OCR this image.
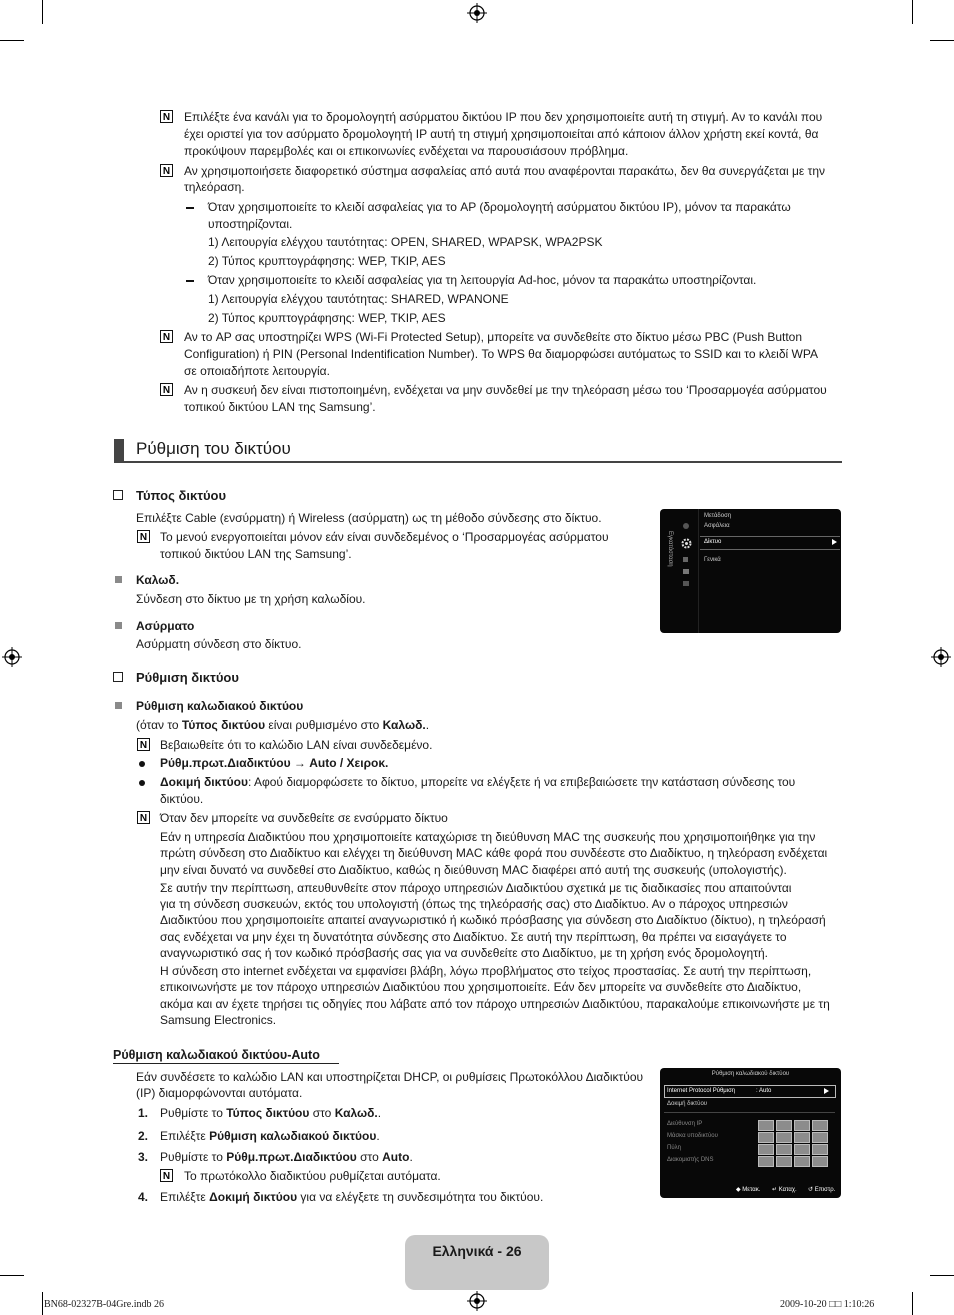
N Επιλέξτε ένα κανάλι για το δρομολογητή ασύρματου δικτύου IP που δεν χρησιμοποιείτε αυτή τη στιγμή. Αν το κανάλι που
έχει οριστεί για τον ασύρματο δρομολογητή IP αυτή τη στιγμή χρησιμοποιείται από κάποιον άλλον χρήστη εκεί κοντά, θα
προκύψουν παρεμβολές και οι επικοινωνίες ενδέχεται να παρουσιάσουν πρόβλημα.
N Αν χρησιμοποιήσετε διαφορετικό σύστημα ασφαλείας από αυτά που αναφέρονται παρακάτω, δεν θα συνεργάζεται με την
τηλεόραση.
Όταν χρησιμοποιείτε το κλειδί ασφαλείας για το AP (δρομολογητή ασύρματου δικτύου IP), μόνον τα παρακάτω
υποστηρίζονται.
1) Λειτουργία ελέγχου ταυτότητας: OPEN, SHARED, WPAPSK, WPA2PSK
2) Τύπος κρυπτογράφησης: WEP, TKIP, AES
Όταν χρησιμοποιείτε το κλειδί ασφαλείας για τη λειτουργία Ad-hoc, μόνον τα παρακάτω υποστηρίζονται.
1) Λειτουργία ελέγχου ταυτότητας: SHARED, WPANONE
2) Τύπος κρυπτογράφησης: WEP, TKIP, AES
N Αν το AP σας υποστηρίζει WPS (Wi-Fi Protected Setup), μπορείτε να συνδεθείτε στο δίκτυο μέσω PBC (Push Button
Configuration) ή PIN (Personal Indentification Number). Το WPS θα διαμορφώσει αυτόματως το SSID και το κλειδί WPA
σε οποιαδήποτε λειτουργία.
N Αν η συσκευή δεν είναι πιστοποιημένη, ενδέχεται να μην συνδεθεί με την τηλεόραση μέσω του ‘Προσαρμογέα ασύρματου
τοπικού δικτύου LAN της Samsung’.
Ρύθμιση του δικτύου
Τύπος δικτύου
Επιλέξτε Cable (ενσύρματη) ή Wireless (ασύρματη) ως τη μέθοδο σύνδεσης στο δίκτυο.
N Το μενού ενεργοποιείται μόνον εάν είναι συνδεδεμένος ο ‘Προσαρμογέας ασύρματου
τοπικού δικτύου LAN της Samsung’.
Καλωδ.
Σύνδεση στο δίκτυο με τη χρήση καλωδίου.
Ασύρματο
Ασύρματη σύνδεση στο δίκτυο.
Εγκατάσταση
Μετάδοση
Ασφάλεια
Δίκτυο
Γενικά
Ρύθμιση δικτύου
Ρύθμιση καλωδιακού δικτύου
(όταν το Τύπος δικτύου είναι ρυθμισμένο στο Καλωδ..
N Βεβαιωθείτε ότι το καλώδιο LAN είναι συνδεδεμένο.
Ρύθμ.πρωτ.Διαδικτύου → Auto / Χειροκ.
Δοκιμή δικτύου: Αφού διαμορφώσετε το δίκτυο, μπορείτε να ελέγξετε ή να επιβεβαιώσετε την κατάσταση σύνδεσης του
δικτύου.
N Όταν δεν μπορείτε να συνδεθείτε σε ενσύρματο δίκτυο
Εάν η υπηρεσία Διαδικτύου που χρησιμοποιείτε καταχώρισε τη διεύθυνση MAC της συσκευής που χρησιμοποιήθηκε για την
πρώτη σύνδεση στο Διαδίκτυο και ελέγχει τη διεύθυνση MAC κάθε φορά που συνδέεστε στο Διαδίκτυο, η τηλεόραση ενδέχεται
μην είναι δυνατό να συνδεθεί στο Διαδίκτυο, καθώς η διεύθυνση MAC διαφέρει από αυτή της συσκευής (υπολογιστής).
Σε αυτήν την περίπτωση, απευθυνθείτε στον πάροχο υπηρεσιών Διαδικτύου σχετικά με τις διαδικασίες που απαιτούνται
για τη σύνδεση συσκευών, εκτός του υπολογιστή (όπως της τηλεόρασής σας) στο Διαδίκτυο. Αν ο πάροχος υπηρεσιών
Διαδικτύου που χρησιμοποιείτε απαιτεί αναγνωριστικό ή κωδικό πρόσβασης για σύνδεση στο Διαδίκτυο (δίκτυο), η τηλεόρασή
σας ενδέχεται να μην έχει τη δυνατότητα σύνδεσης στο Διαδίκτυο. Σε αυτή την περίπτωση, θα πρέπει να εισαγάγετε το
αναγνωριστικό σας ή τον κωδικό πρόσβασής σας για να συνδεθείτε στο Διαδίκτυο, με τη χρήση ενός δρομολογητή.
Η σύνδεση στο internet ενδέχεται να εμφανίσει βλάβη, λόγω προβλήματος στο τείχος προστασίας. Σε αυτή την περίπτωση,
επικοινωνήστε με τον πάροχο υπηρεσιών Διαδικτύου που χρησιμοποιείτε. Εάν δεν μπορείτε να συνδεθείτε στο Διαδίκτυο,
ακόμα και αν έχετε τηρήσει τις οδηγίες που λάβατε από τον πάροχο υπηρεσιών Διαδικτύου, παρακαλούμε επικοινωνήστε με τη
Samsung Electronics.
Ρύθμιση καλωδιακού δικτύου-Auto
Εάν συνδέσετε το καλώδιο LAN και υποστηρίζεται DHCP, οι ρυθμίσεις Πρωτοκόλλου Διαδικτύου
(IP) διαμορφώνονται αυτόματα.
1. Ρυθμίστε το Τύπος δικτύου στο Καλωδ..
2. Επιλέξτε Ρύθμιση καλωδιακού δικτύου.
3. Ρυθμίστε το Ρύθμ.πρωτ.Διαδικτύου στο Auto.
N Το πρωτόκολλο διαδικτύου ρυθμίζεται αυτόματα.
4. Επιλέξτε Δοκιμή δικτύου για να ελέγξετε τη συνδεσιμότητα του δικτύου.
Ρύθμιση καλωδιακού δικτύου
Internet Protocol Ρύθμιση	: Auto
Δοκιμή δικτύου
Διεύθυνση IP
Μάσκα υποδικτύου
Πύλη
Διακομιστής DNS
◆ Μετακ. ↵ Καταχ. ↺ Επιστρ.
Ελληνικά - 26
BN68-02327B-04Gre.indb 26	2009-10-20 □□ 1:10:26
